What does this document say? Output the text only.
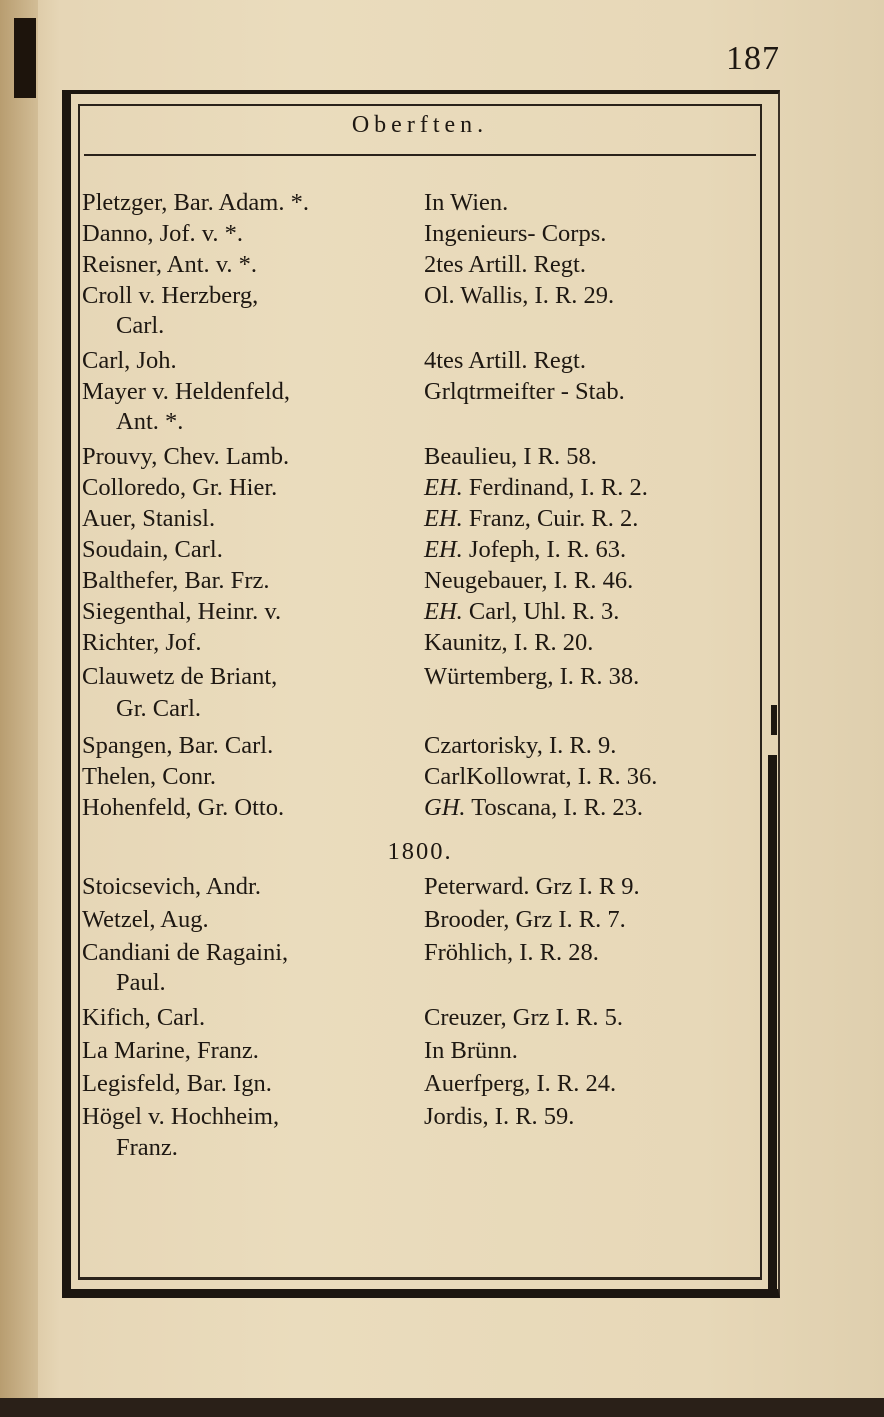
187
Oberften.
Pletzger, Bar. Adam. *.	In Wien.
Danno, Jof. v. *.	Ingenieurs- Corps.
Reisner, Ant. v. *.	2tes Artill. Regt.
Croll v. Herzberg,	Ol. Wallis, I. R. 29.
Carl.
Carl, Joh.	4tes Artill. Regt.
Mayer v. Heldenfeld,	Grlqtrmeifter - Stab.
Ant. *.
Prouvy, Chev. Lamb.	Beaulieu, I R. 58.
Colloredo, Gr. Hier.	EH. Ferdinand, I. R. 2.
Auer, Stanisl.	EH. Franz, Cuir. R. 2.
Soudain, Carl.	EH. Jofeph, I. R. 63.
Balthefer, Bar. Frz.	Neugebauer, I. R. 46.
Siegenthal, Heinr. v.	EH. Carl, Uhl. R. 3.
Richter, Jof.	Kaunitz, I. R. 20.
Clauwetz de Briant,	Würtemberg, I. R. 38.
Gr. Carl.
Spangen, Bar. Carl.	Czartorisky, I. R. 9.
Thelen, Conr.	CarlKollowrat, I. R. 36.
Hohenfeld, Gr. Otto.	GH. Toscana, I. R. 23.
1800.
Stoicsevich, Andr.	Peterward. Grz I. R 9.
Wetzel, Aug.	Brooder, Grz I. R. 7.
Candiani de Ragaini,	Fröhlich, I. R. 28.
Paul.
Kifich, Carl.	Creuzer, Grz I. R. 5.
La Marine, Franz.	In Brünn.
Legisfeld, Bar. Ign.	Auerfperg, I. R. 24.
Högel v. Hochheim,	Jordis, I. R. 59.
Franz.
